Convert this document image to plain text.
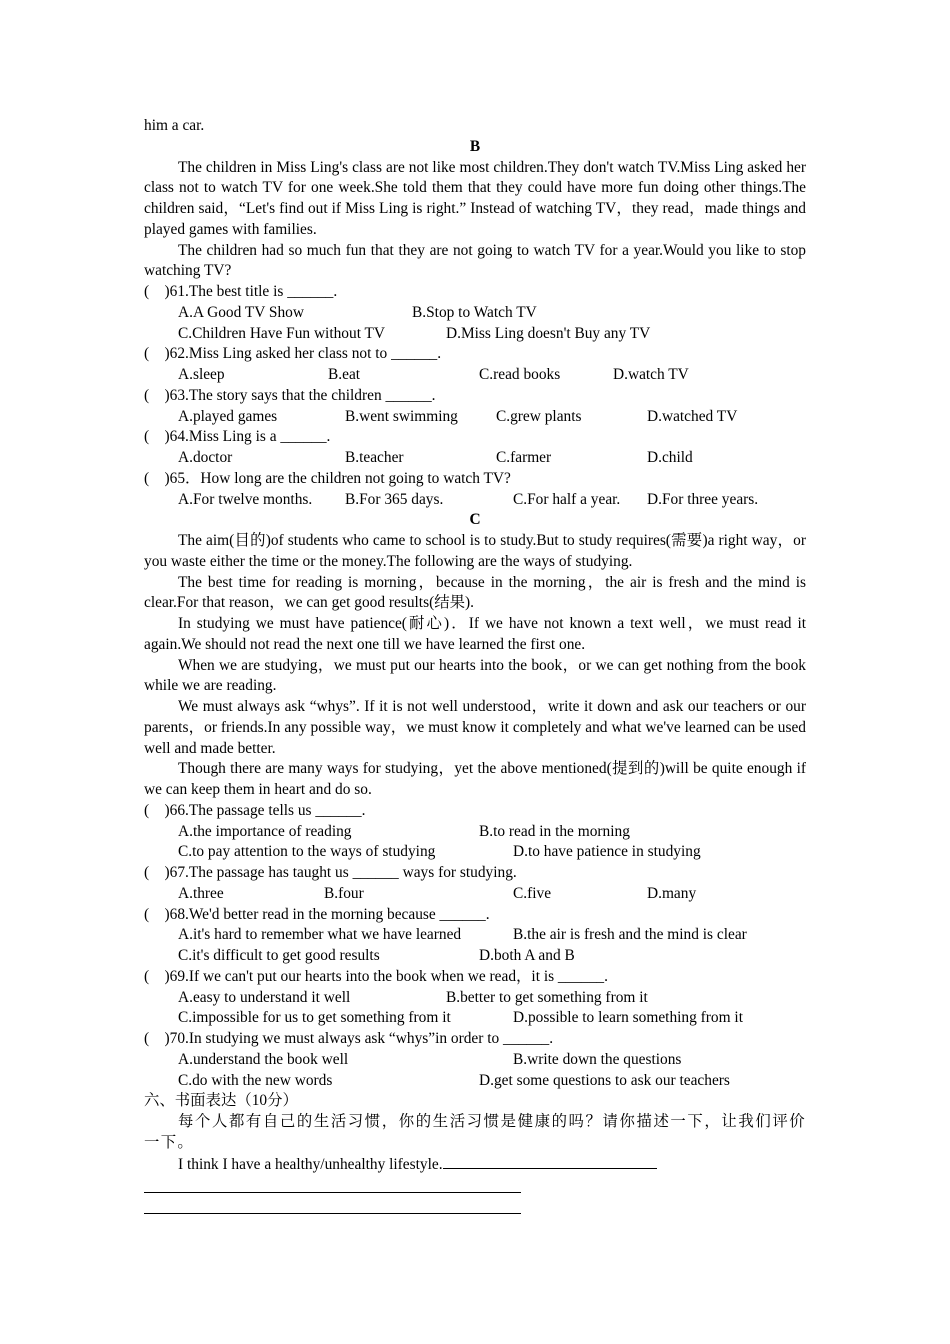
him a car.

B

The children in Miss Ling's class are not like most children.They don't watch TV.Miss Ling asked her class not to watch TV for one week.She told them that they could have more fun doing other things.The children said，“Let's find out if Miss Ling is right.” Instead of watching TV，they read，made things and played games with families.

The children had so much fun that they are not going to watch TV for a year.Would you like to stop watching TV?

(    )61.The best title is ______.

A.A Good TV Show	B.Stop to Watch TV
C.Children Have Fun without TV	D.Miss Ling doesn't Buy any TV

(    )62.Miss Ling asked her class not to ______.

A.sleep	B.eat	C.read books	D.watch TV

(    )63.The story says that the children ______.

A.played games	B.went swimming	C.grew plants	D.watched TV

(    )64.Miss Ling is a ______.

A.doctor	B.teacher	C.farmer	D.child

(    )65．How long are the children not going to watch TV?

A.For twelve months.	B.For 365 days.	C.For half a year.	D.For three years.

C

The aim(目的)of students who came to school is to study.But to study requires(需要)a right way，or you waste either the time or the money.The following are the ways of studying.

The best time for reading is morning，because in the morning，the air is fresh and the mind is clear.For that reason，we can get good results(结果).

In studying we must have patience(耐心)．If we have not known a text well，we must read it again.We should not read the next one till we have learned the first one.

When we are studying，we must put our hearts into the book，or we can get nothing from the book while we are reading.

We must always ask “whys”. If it is not well understood，write it down and ask our teachers or our parents，or friends.In any possible way，we must know it completely and what we've learned can be used well and made better.

Though there are many ways for studying，yet the above mentioned(提到的)will be quite enough if we can keep them in heart and do so.

(    )66.The passage tells us ______.

A.the importance of reading	B.to read in the morning
C.to pay attention to the ways of studying	D.to have patience in studying

(    )67.The passage has taught us ______ ways for studying.

A.three	B.four	C.five	D.many

(    )68.We'd better read in the morning because ______.

A.it's hard to remember what we have learned	B.the air is fresh and the mind is clear
C.it's difficult to get good results	D.both A and B

(    )69.If we can't put our hearts into the book when we read，it is ______.

A.easy to understand it well	B.better to get something from it
C.impossible for us to get something from it	D.possible to learn something from it

(    )70.In studying we must always ask “whys”in order to ______.

A.understand the book well	B.write down the questions
C.do with the new words	D.get some questions to ask our teachers

六、书面表达（10分）

每个人都有自己的生活习惯，你的生活习惯是健康的吗？请你描述一下，让我们评价一下。

I think I have a healthy/unhealthy lifestyle.
